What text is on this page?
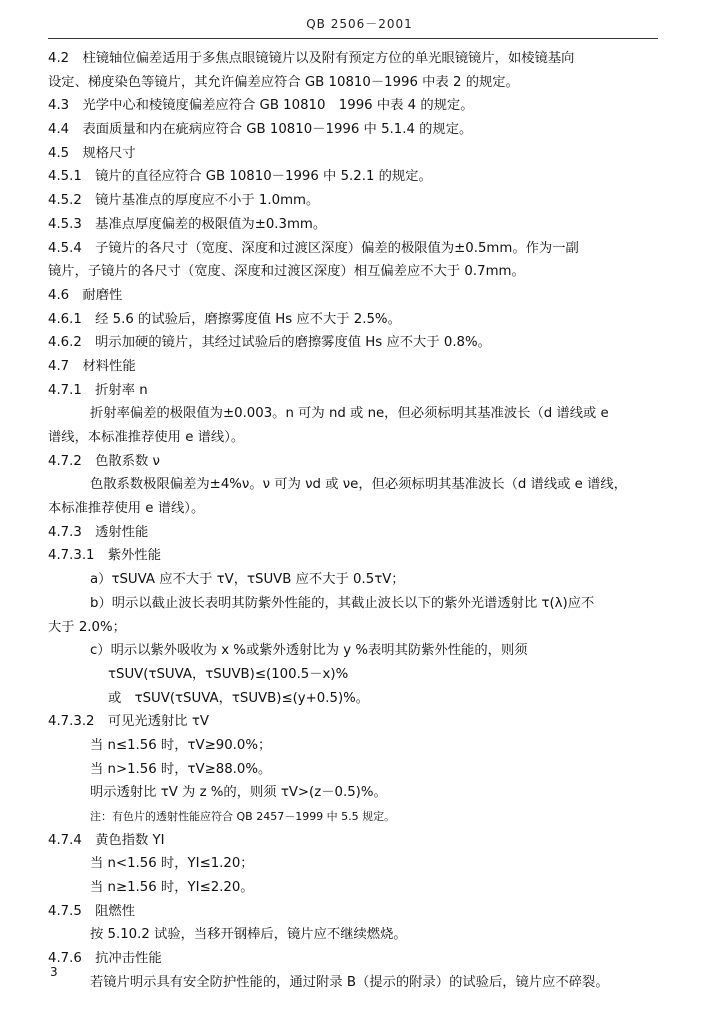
QB 2506－2001
4.2　柱镜轴位偏差适用于多焦点眼镜镜片以及附有预定方位的单光眼镜镜片，如棱镜基向
设定、梯度染色等镜片，其允许偏差应符合 GB 10810－1996 中表 2 的规定。
4.3　光学中心和棱镜度偏差应符合 GB 10810　1996 中表 4 的规定。
4.4　表面质量和内在疵病应符合 GB 10810－1996 中 5.1.4 的规定。
4.5　规格尺寸
4.5.1　镜片的直径应符合 GB 10810－1996 中 5.2.1 的规定。
4.5.2　镜片基准点的厚度应不小于 1.0mm。
4.5.3　基准点厚度偏差的极限值为±0.3mm。
4.5.4　子镜片的各尺寸（宽度、深度和过渡区深度）偏差的极限值为±0.5mm。作为一副
镜片，子镜片的各尺寸（宽度、深度和过渡区深度）相互偏差应不大于 0.7mm。
4.6　耐磨性
4.6.1　经 5.6 的试验后，磨擦雾度值 Hs 应不大于 2.5%。
4.6.2　明示加硬的镜片，其经过试验后的磨擦雾度值 Hs 应不大于 0.8%。
4.7　材料性能
4.7.1　折射率 n
折射率偏差的极限值为±0.003。n 可为 nd 或 ne，但必须标明其基准波长（d 谱线或 e
谱线，本标准推荐使用 e 谱线）。
4.7.2　色散系数 ν
色散系数极限偏差为±4%ν。ν 可为 νd 或 νe，但必须标明其基准波长（d 谱线或 e 谱线，
本标准推荐使用 e 谱线）。
4.7.3　透射性能
4.7.3.1　紫外性能
a）τSUVA 应不大于 τV，τSUVB 应不大于 0.5τV；
b）明示以截止波长表明其防紫外性能的，其截止波长以下的紫外光谱透射比 τ(λ)应不
大于 2.0%；
c）明示以紫外吸收为 x %或紫外透射比为 y %表明其防紫外性能的，则须
τSUV(τSUVA，τSUVB)≤(100.5－x)%
或　τSUV(τSUVA，τSUVB)≤(y+0.5)%。
4.7.3.2　可见光透射比 τV
当 n≤1.56 时，τV≥90.0%；
当 n>1.56 时，τV≥88.0%。
明示透射比 τV 为 z %的，则须 τV>(z－0.5)%。
注：有色片的透射性能应符合 QB 2457－1999 中 5.5 规定。
4.7.4　黄色指数 YI
当 n<1.56 时，YI≤1.20；
当 n≥1.56 时，YI≤2.20。
4.7.5　阻燃性
按 5.10.2 试验，当移开钢棒后，镜片应不继续燃烧。
4.7.6　抗冲击性能
若镜片明示具有安全防护性能的，通过附录 B（提示的附录）的试验后，镜片应不碎裂。
3
